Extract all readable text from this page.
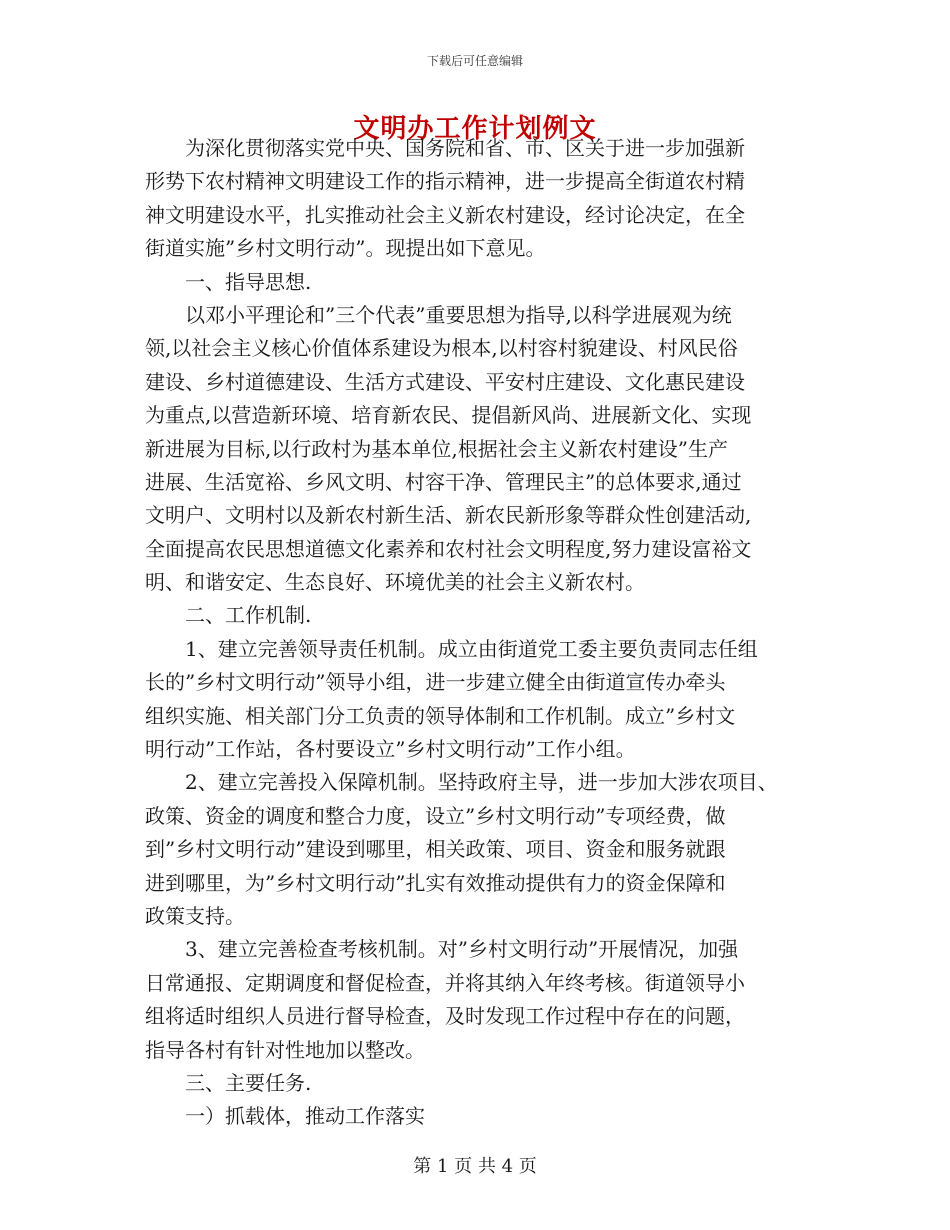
下载后可任意编辑
文明办工作计划例文
　　为深化贯彻落实党中央、国务院和省、市、区关于进一步加强新
形势下农村精神文明建设工作的指示精神，进一步提高全街道农村精
神文明建设水平，扎实推动社会主义新农村建设，经讨论决定，在全
街道实施”乡村文明行动”。现提出如下意见。
　　一、指导思想.
　　以邓小平理论和”三个代表”重要思想为指导,以科学进展观为统
领,以社会主义核心价值体系建设为根本,以村容村貌建设、村风民俗
建设、乡村道德建设、生活方式建设、平安村庄建设、文化惠民建设
为重点,以营造新环境、培育新农民、提倡新风尚、进展新文化、实现
新进展为目标,以行政村为基本单位,根据社会主义新农村建设”生产
进展、生活宽裕、乡风文明、村容干净、管理民主”的总体要求,通过
文明户、文明村以及新农村新生活、新农民新形象等群众性创建活动,
全面提高农民思想道德文化素养和农村社会文明程度,努力建设富裕文
明、和谐安定、生态良好、环境优美的社会主义新农村。
　　二、工作机制.
　　1、建立完善领导责任机制。成立由街道党工委主要负责同志任组
长的”乡村文明行动”领导小组，进一步建立健全由街道宣传办牵头
组织实施、相关部门分工负责的领导体制和工作机制。成立”乡村文
明行动”工作站，各村要设立”乡村文明行动”工作小组。
　　2、建立完善投入保障机制。坚持政府主导，进一步加大涉农项目、
政策、资金的调度和整合力度，设立”乡村文明行动”专项经费，做
到”乡村文明行动”建设到哪里，相关政策、项目、资金和服务就跟
进到哪里，为”乡村文明行动”扎实有效推动提供有力的资金保障和
政策支持。
　　3、建立完善检查考核机制。对”乡村文明行动”开展情况，加强
日常通报、定期调度和督促检查，并将其纳入年终考核。街道领导小
组将适时组织人员进行督导检查，及时发现工作过程中存在的问题，
指导各村有针对性地加以整改。
　　三、主要任务.
　　一）抓载体，推动工作落实
第 1 页 共 4 页
